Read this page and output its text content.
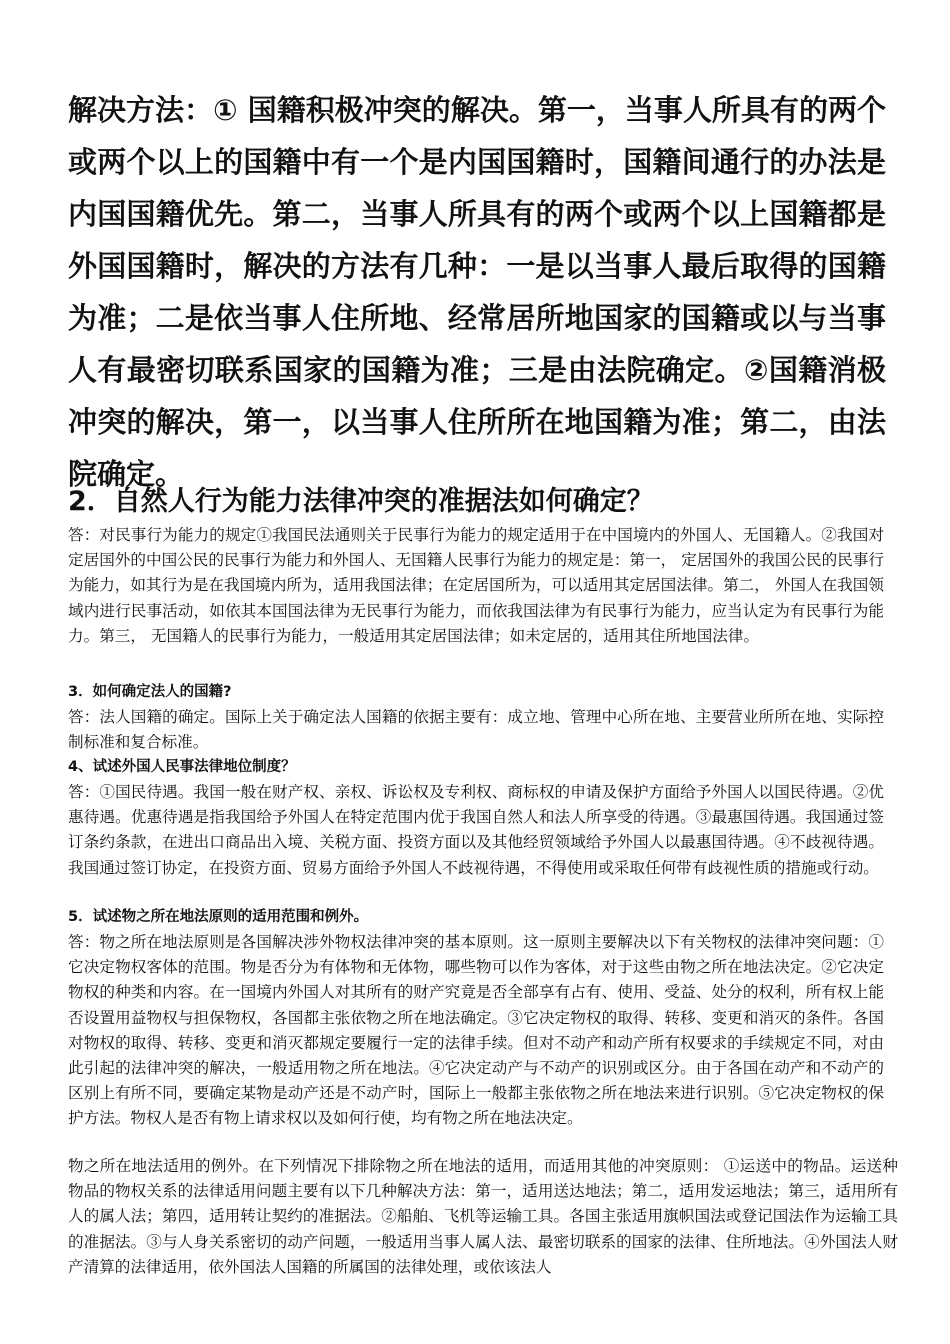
解决方法：① 国籍积极冲突的解决。第一，当事人所具有的两个或两个以上的国籍中有一个是内国国籍时，国籍间通行的办法是内国国籍优先。第二，当事人所具有的两个或两个以上国籍都是外国国籍时，解决的方法有几种：一是以当事人最后取得的国籍为准；二是依当事人住所地、经常居所地国家的国籍或以与当事人有最密切联系国家的国籍为准；三是由法院确定。②国籍消极冲突的解决，第一，以当事人住所所在地国籍为准；第二，由法院确定。

2．自然人行为能力法律冲突的准据法如何确定？

答：对民事行为能力的规定①我国民法通则关于民事行为能力的规定适用于在中国境内的外国人、无国籍人。②我国对定居国外的中国公民的民事行为能力和外国人、无国籍人民事行为能力的规定是：第一， 定居国外的我国公民的民事行为能力，如其行为是在我国境内所为，适用我国法律；在定居国所为，可以适用其定居国法律。第二， 外国人在我国领域内进行民事活动，如依其本国国法律为无民事行为能力，而依我国法律为有民事行为能力，应当认定为有民事行为能力。第三， 无国籍人的民事行为能力，一般适用其定居国法律；如未定居的，适用其住所地国法律。

3．如何确定法人的国籍?

答：法人国籍的确定。国际上关于确定法人国籍的依据主要有：成立地、管理中心所在地、主要营业所所在地、实际控制标准和复合标准。

4、试述外国人民事法律地位制度？

答：①国民待遇。我国一般在财产权、亲权、诉讼权及专利权、商标权的申请及保护方面给予外国人以国民待遇。②优惠待遇。优惠待遇是指我国给予外国人在特定范围内优于我国自然人和法人所享受的待遇。③最惠国待遇。我国通过签订条约条款，在进出口商品出入境、关税方面、投资方面以及其他经贸领域给予外国人以最惠国待遇。④不歧视待遇。我国通过签订协定，在投资方面、贸易方面给予外国人不歧视待遇，不得使用或采取任何带有歧视性质的措施或行动。

5．试述物之所在地法原则的适用范围和例外。

答：物之所在地法原则是各国解决涉外物权法律冲突的基本原则。这一原则主要解决以下有关物权的法律冲突问题：①它决定物权客体的范围。物是否分为有体物和无体物，哪些物可以作为客体，对于这些由物之所在地法决定。②它决定物权的种类和内容。在一国境内外国人对其所有的财产究竟是否全部享有占有、使用、受益、处分的权利，所有权上能否设置用益物权与担保物权，各国都主张依物之所在地法确定。③它决定物权的取得、转移、变更和消灭的条件。各国对物权的取得、转移、变更和消灭都规定要履行一定的法律手续。但对不动产和动产所有权要求的手续规定不同，对由此引起的法律冲突的解决，一般适用物之所在地法。④它决定动产与不动产的识别或区分。由于各国在动产和不动产的区别上有所不同，要确定某物是动产还是不动产时，国际上一般都主张依物之所在地法来进行识别。⑤它决定物权的保护方法。物权人是否有物上请求权以及如何行使，均有物之所在地法决定。

物之所在地法适用的例外。在下列情况下排除物之所在地法的适用，而适用其他的冲突原则： ①运送中的物品。运送种物品的物权关系的法律适用问题主要有以下几种解决方法：第一，适用送达地法；第二，适用发运地法；第三，适用所有人的属人法；第四，适用转让契约的准据法。②船舶、飞机等运输工具。各国主张适用旗帜国法或登记国法作为运输工具的准据法。③与人身关系密切的动产问题，一般适用当事人属人法、最密切联系的国家的法律、住所地法。④外国法人财产清算的法律适用，依外国法人国籍的所属国的法律处理，或依该法人
